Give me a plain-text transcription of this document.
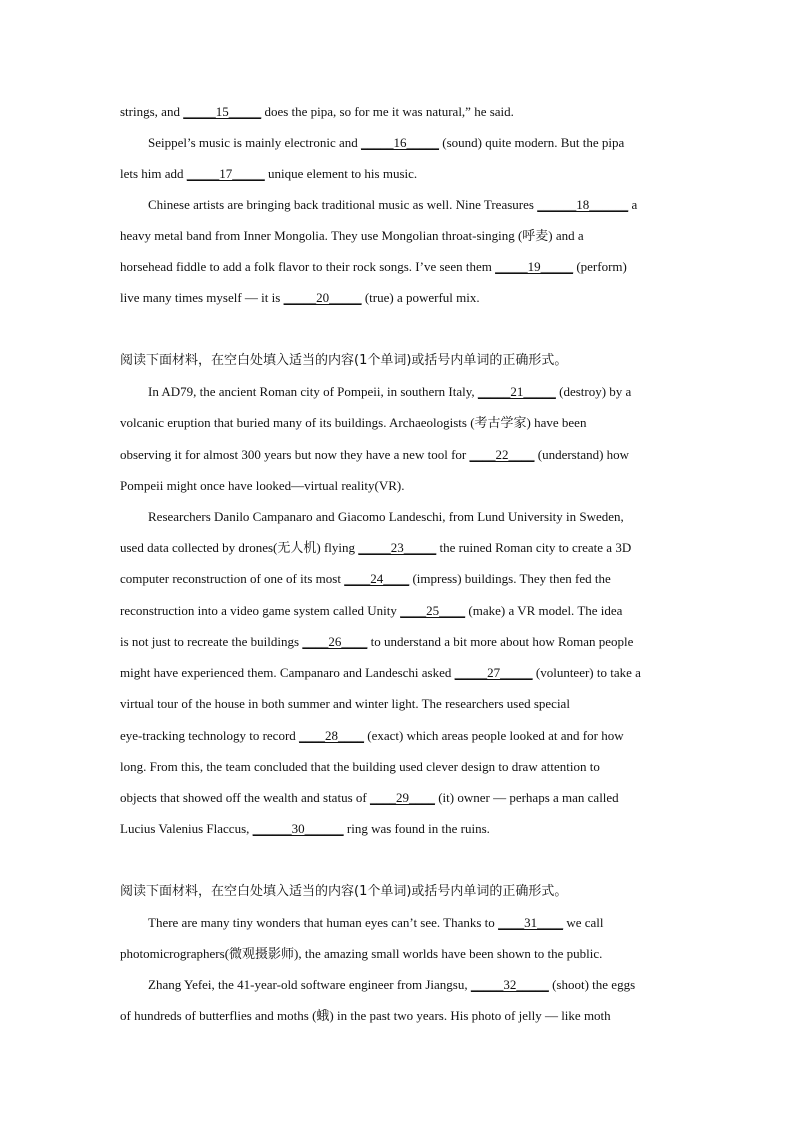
strings, and _____15_____ does the pipa, so for me it was natural,” he said.
Seippel’s music is mainly electronic and _____16_____ (sound) quite modern. But the pipa
lets him add _____17_____ unique element to his music.
Chinese artists are bringing back traditional music as well. Nine Treasures ______18______ a
heavy metal band from Inner Mongolia. They use Mongolian throat-singing (呼麦) and a
horsehead fiddle to add a folk flavor to their rock songs. I’ve seen them _____19_____ (perform)
live many times myself — it is _____20_____ (true) a powerful mix.
阅读下面材料，在空白处填入适当的内容(1个单词)或括号内单词的正确形式。
In AD79, the ancient Roman city of Pompeii, in southern Italy, _____21_____ (destroy) by a
volcanic eruption that buried many of its buildings. Archaeologists (考古学家) have been
observing it for almost 300 years but now they have a new tool for ____22____ (understand) how
Pompeii might once have looked—virtual reality(VR).
Researchers Danilo Campanaro and Giacomo Landeschi, from Lund University in Sweden,
used data collected by drones(无人机) flying _____23_____ the ruined Roman city to create a 3D
computer reconstruction of one of its most ____24____ (impress) buildings. They then fed the
reconstruction into a video game system called Unity ____25____ (make) a VR model. The idea
is not just to recreate the buildings ____26____ to understand a bit more about how Roman people
might have experienced them. Campanaro and Landeschi asked _____27_____ (volunteer) to take a
virtual tour of the house in both summer and winter light. The researchers used special
eye-tracking technology to record ____28____ (exact) which areas people looked at and for how
long. From this, the team concluded that the building used clever design to draw attention to
objects that showed off the wealth and status of ____29____ (it) owner — perhaps a man called
Lucius Valenius Flaccus, ______30______ ring was found in the ruins.
阅读下面材料，在空白处填入适当的内容(1个单词)或括号内单词的正确形式。
There are many tiny wonders that human eyes can’t see. Thanks to ____31____ we call
photomicrographers(微观摄影师), the amazing small worlds have been shown to the public.
Zhang Yefei, the 41-year-old software engineer from Jiangsu, _____32_____ (shoot) the eggs
of hundreds of butterflies and moths (蛾) in the past two years. His photo of jelly — like moth
